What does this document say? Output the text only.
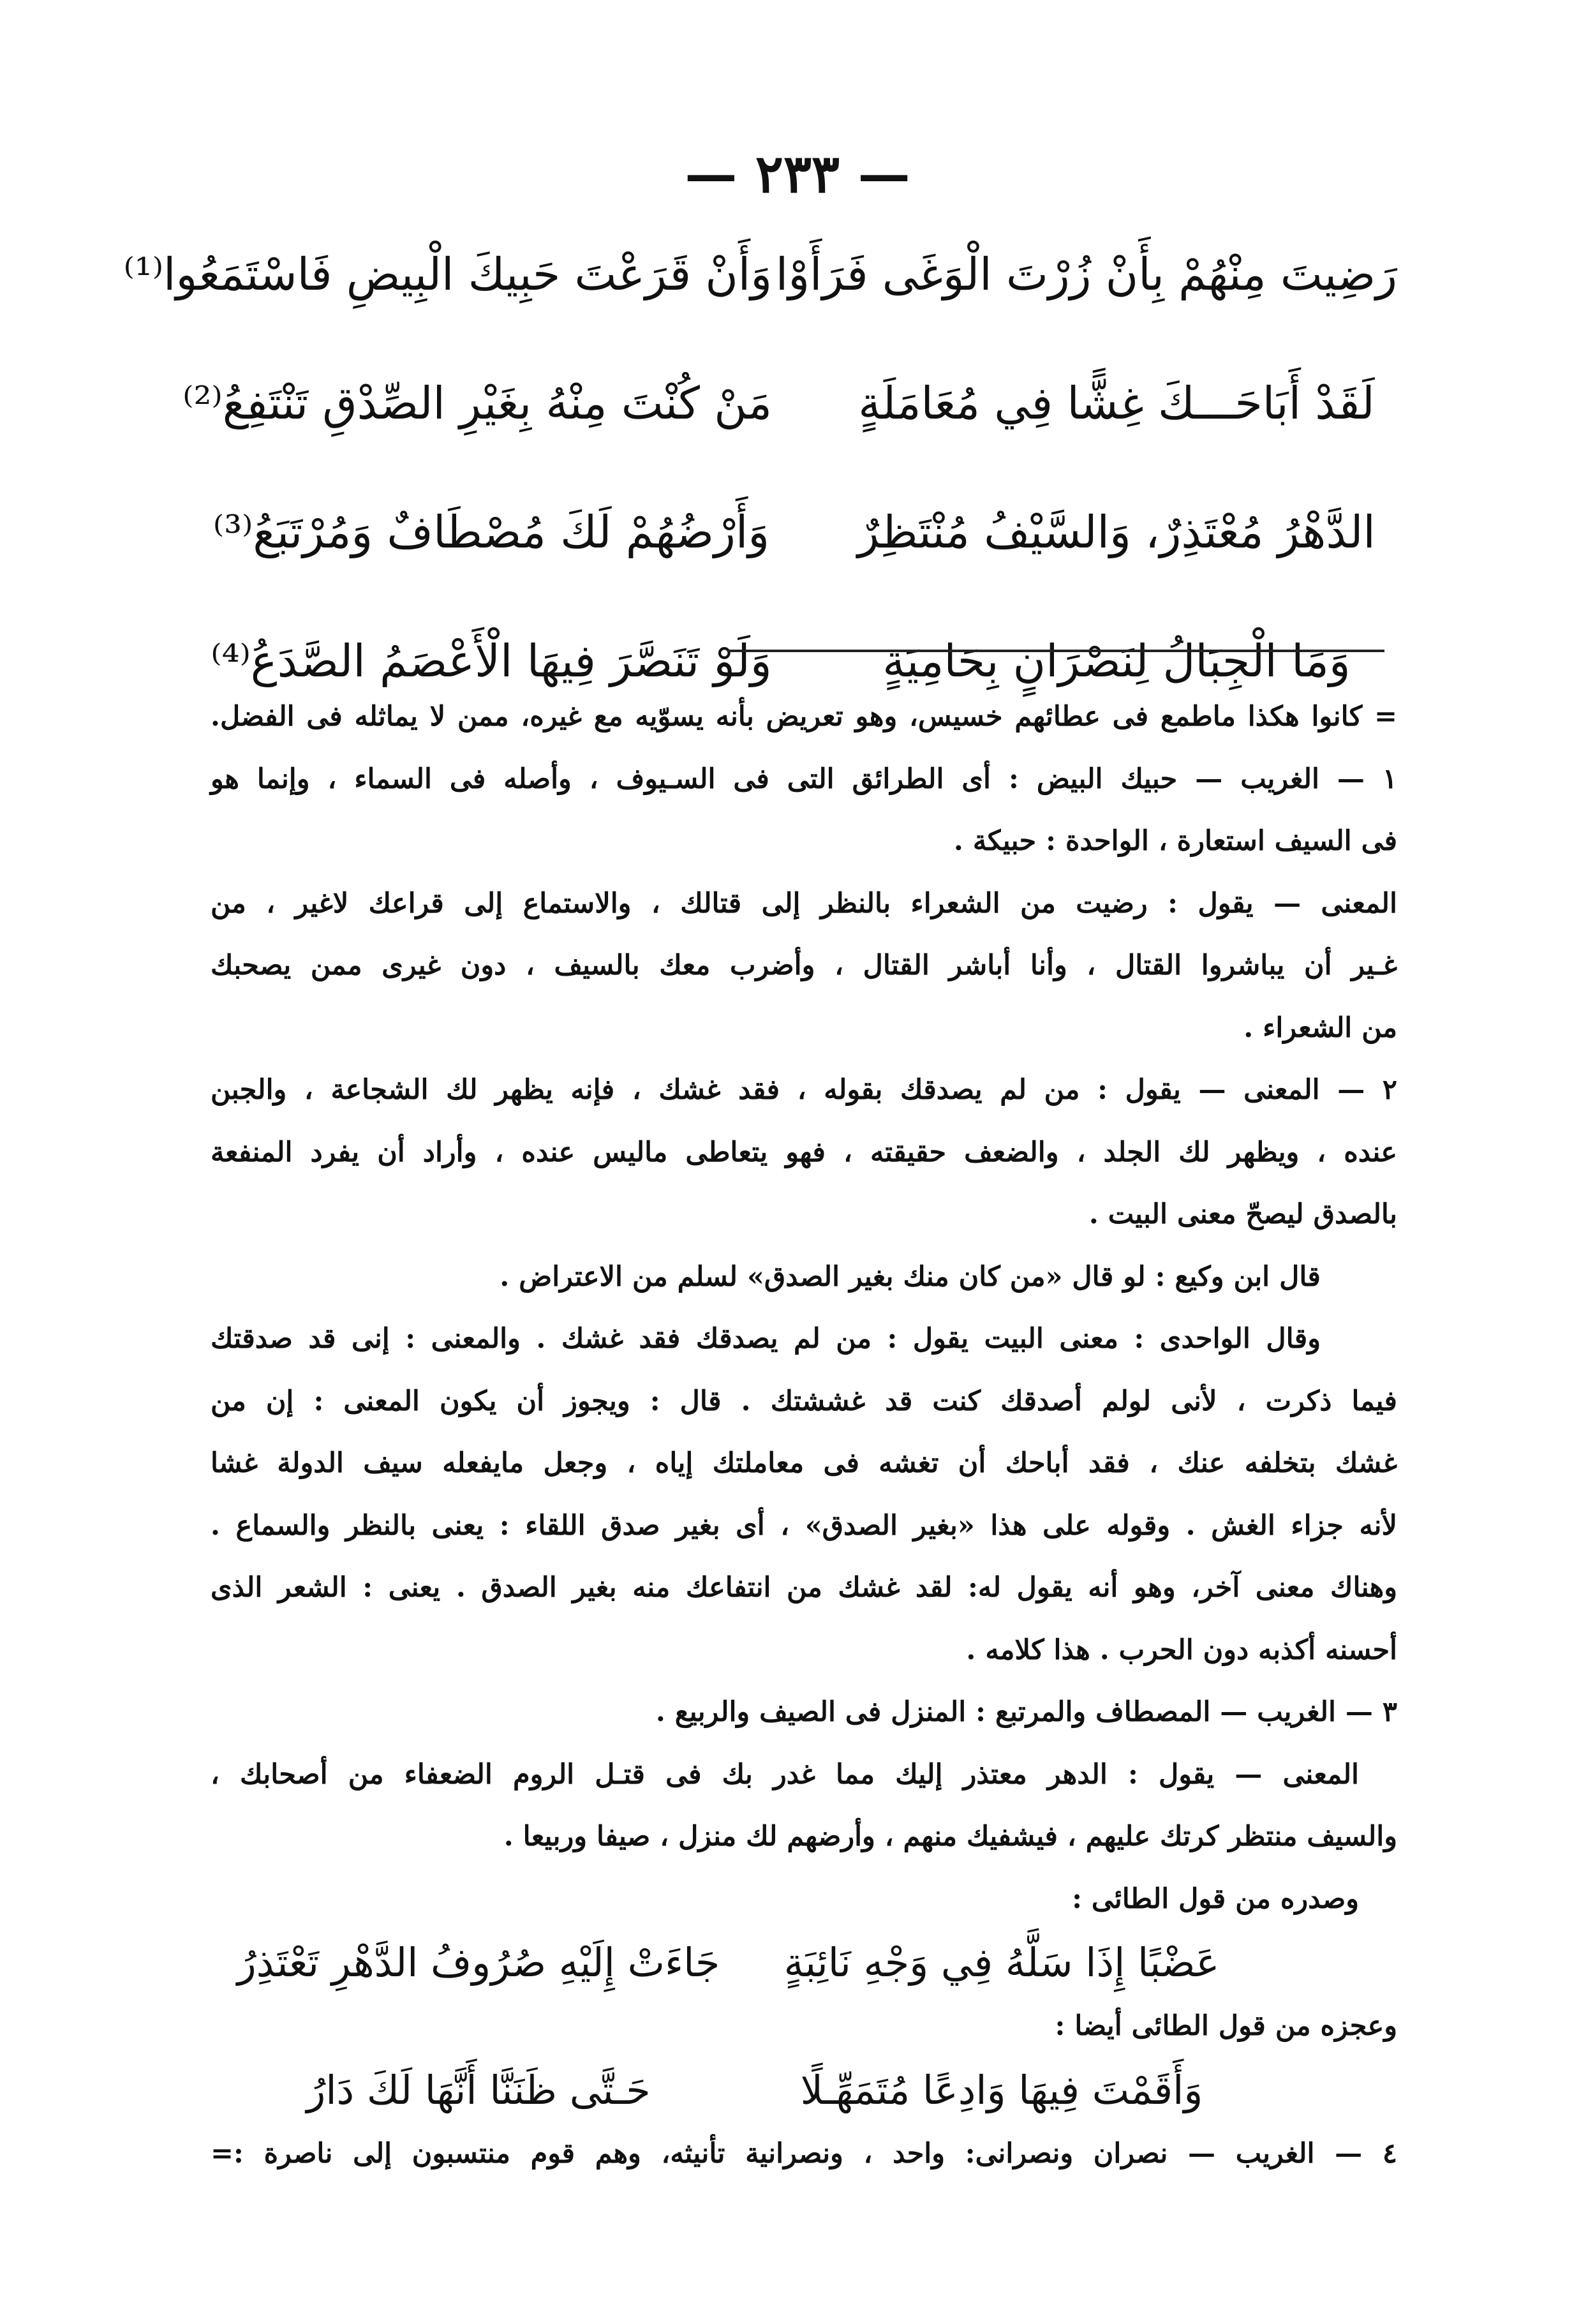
— ٢٣٣ —
رَضِيتَ مِنْهُمْ بِأَنْ زُرْتَ الْوَغَى فَرَأَوْا
وَأَنْ قَرَعْتَ حَبِيكَ الْبِيضِ فَاسْتَمَعُوا⁽¹⁾
لَقَدْ أَبَاحَـــكَ غِشًّا فِي مُعَامَلَةٍ
مَنْ كُنْتَ مِنْهُ بِغَيْرِ الصِّدْقِ تَنْتَفِعُ⁽²⁾
الدَّهْرُ مُعْتَذِرٌ، وَالسَّيْفُ مُنْتَظِرٌ
وَأَرْضُهُمْ لَكَ مُصْطَافٌ وَمُرْتَبَعُ⁽³⁾
وَمَا الْجِبَالُ لِنَصْرَانٍ بِحَامِيَةٍ
وَلَوْ تَنَصَّرَ فِيهَا الْأَعْصَمُ الصَّدَعُ⁽⁴⁾
= كانوا هكذا ماطمع فى عطائهم خسيس، وهو تعريض بأنه يسوّيه مع غيره، ممن لا يماثله فى الفضل.
١ — الغريب — حبيك البيض : أى الطرائق التى فى السـيوف ، وأصله فى السماء ، وإنما هو
فى السيف استعارة ، الواحدة : حبيكة .
المعنى — يقول : رضيت من الشعراء بالنظر إلى قتالك ، والاستماع إلى قراعك لاغير ، من
غـير أن يباشروا القتال ، وأنا أباشر القتال ، وأضرب معك بالسيف ، دون غيرى ممن يصحبك
من الشعراء .
٢ — المعنى — يقول : من لم يصدقك بقوله ، فقد غشك ، فإنه يظهر لك الشجاعة ، والجبن
عنده ، ويظهر لك الجلد ، والضعف حقيقته ، فهو يتعاطى ماليس عنده ، وأراد أن يفرد المنفعة
بالصدق ليصحّ معنى البيت .
قال ابن وكيع : لو قال «من كان منك بغير الصدق» لسلم من الاعتراض .
وقال الواحدى : معنى البيت يقول : من لم يصدقك فقد غشك . والمعنى : إنى قد صدقتك
فيما ذكرت ، لأنى لولم أصدقك كنت قد غششتك . قال : ويجوز أن يكون المعنى : إن من
غشك بتخلفه عنك ، فقد أباحك أن تغشه فى معاملتك إياه ، وجعل مايفعله سيف الدولة غشا
لأنه جزاء الغش . وقوله على هذا «بغير الصدق» ، أى بغير صدق اللقاء : يعنى بالنظر والسماع .
وهناك معنى آخر، وهو أنه يقول له: لقد غشك من انتفاعك منه بغير الصدق . يعنى : الشعر الذى
أحسنه أكذبه دون الحرب . هذا كلامه .
٣ — الغريب — المصطاف والمرتبع : المنزل فى الصيف والربيع .
المعنى — يقول : الدهر معتذر إليك مما غدر بك فى قتـل الروم الضعفاء من أصحابك ،
والسيف منتظر كرتك عليهم ، فيشفيك منهم ، وأرضهم لك منزل ، صيفا وربيعا .
وصدره من قول الطائى :
عَضْبًا إِذَا سَلَّهُ فِي وَجْهِ نَائِبَةٍ
جَاءَتْ إِلَيْهِ صُرُوفُ الدَّهْرِ تَعْتَذِرُ
وعجزه من قول الطائى أيضا :
وَأَقَمْتَ فِيهَا وَادِعًا مُتَمَهِّـلًا
حَـتَّى ظَنَنَّا أَنَّهَا لَكَ دَارُ
٤ — الغريب — نصران ونصرانى: واحد ، ونصرانية تأنيثه، وهم قوم منتسبون إلى ناصرة :=
